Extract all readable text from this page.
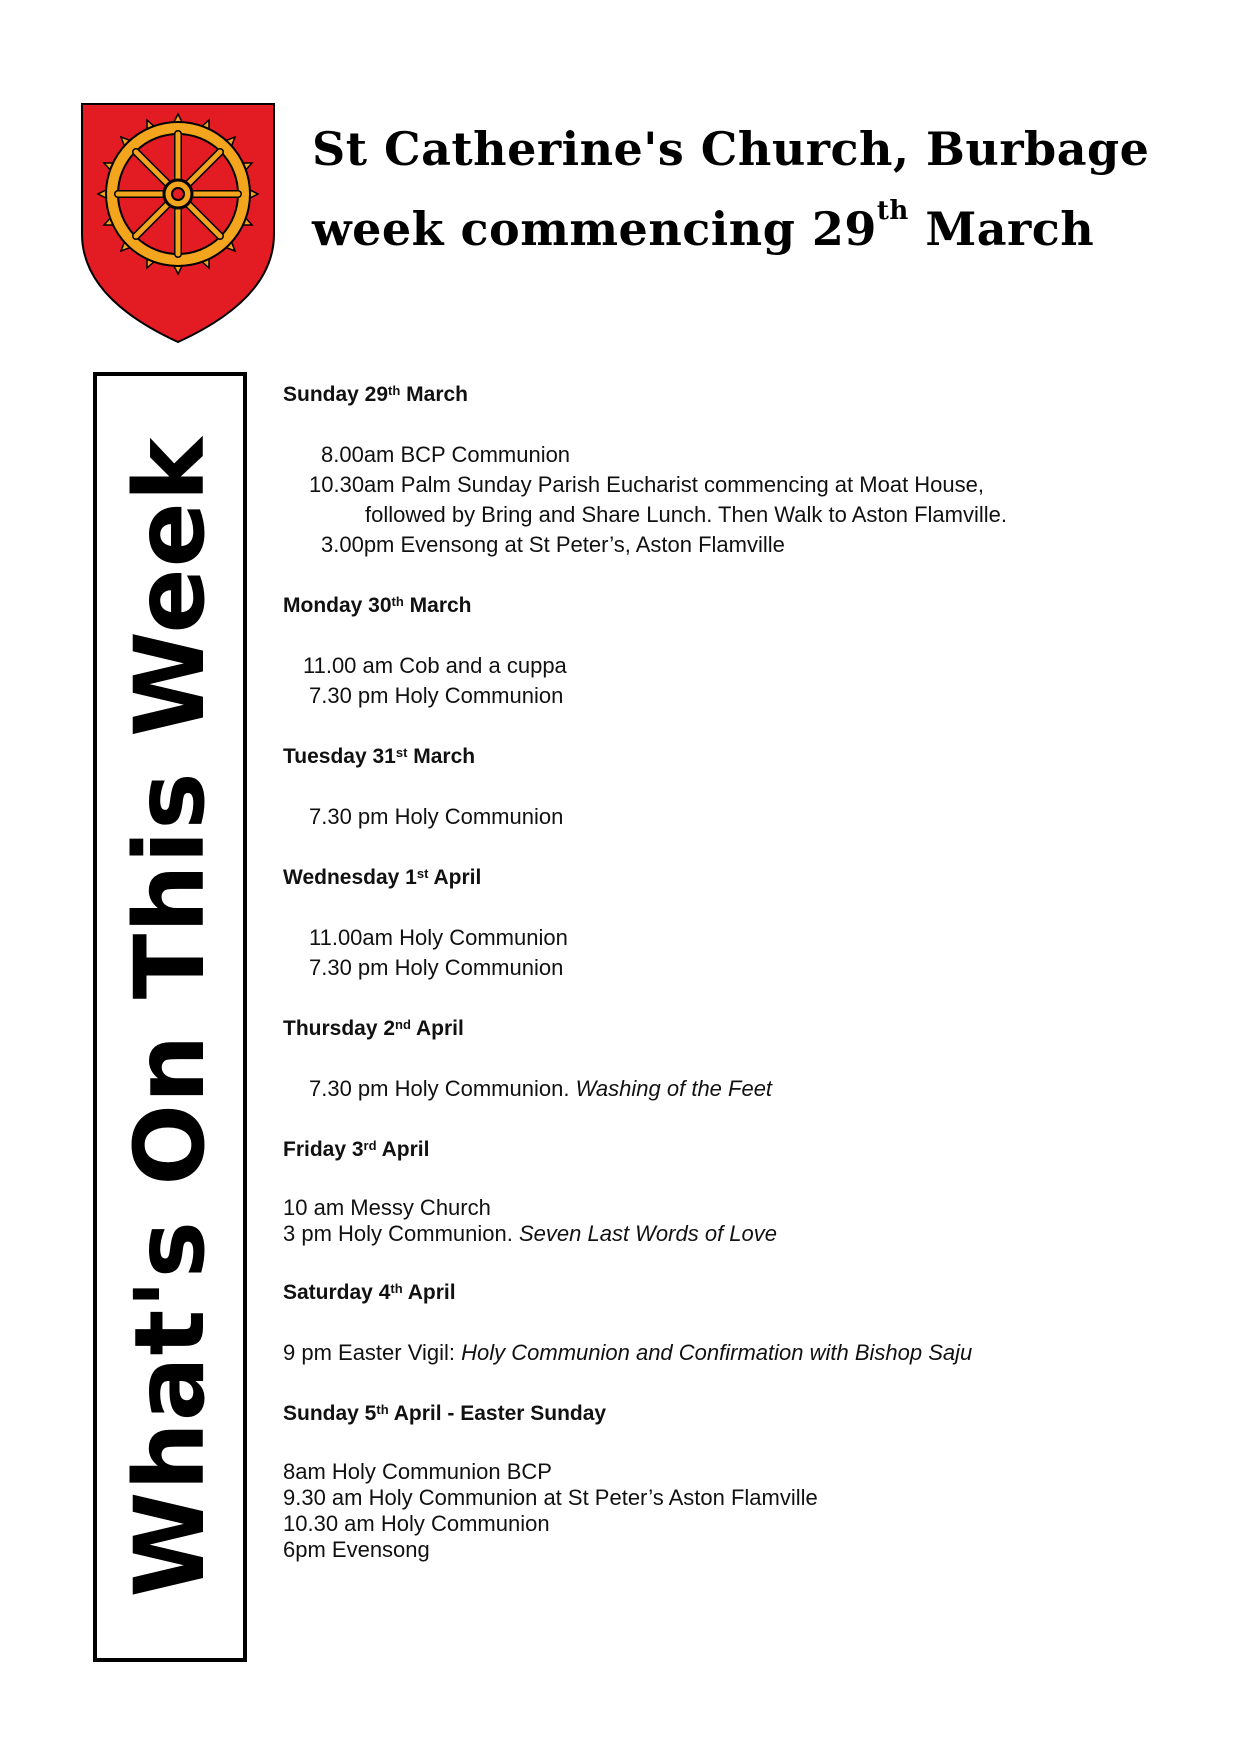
St Catherine's Church, Burbage
week commencing 29th March
What's On This Week
Sunday 29th March
8.00am BCP Communion
10.30am Palm Sunday Parish Eucharist commencing at Moat House,
followed by Bring and Share Lunch. Then Walk to Aston Flamville.
3.00pm Evensong at St Peter’s, Aston Flamville
Monday 30th March
11.00 am Cob and a cuppa
7.30 pm Holy Communion
Tuesday 31st March
7.30 pm Holy Communion
Wednesday 1st April
11.00am Holy Communion
7.30 pm Holy Communion
Thursday 2nd April
7.30 pm Holy Communion. Washing of the Feet
Friday 3rd April
10 am Messy Church
3 pm Holy Communion. Seven Last Words of Love
Saturday 4th April
9 pm Easter Vigil: Holy Communion and Confirmation with Bishop Saju
Sunday 5th April - Easter Sunday
8am Holy Communion BCP
9.30 am Holy Communion at St Peter’s Aston Flamville
10.30 am Holy Communion
6pm Evensong
